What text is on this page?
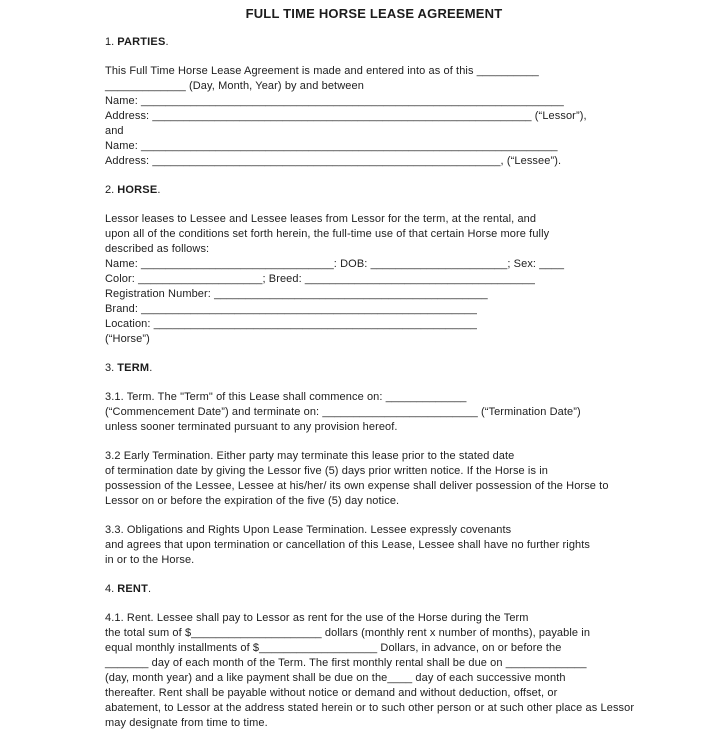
FULL TIME HORSE LEASE AGREEMENT
1. PARTIES.
This Full Time Horse Lease Agreement is made and entered into as of this __________
_____________ (Day, Month, Year) by and between
Name: ____________________________________________________________________
Address: _____________________________________________________________ (“Lessor”),
and
Name: ___________________________________________________________________
Address: ________________________________________________________, (“Lessee”).
2. HORSE.
Lessor leases to Lessee and Lessee leases from Lessor for the term, at the rental, and
upon all of the conditions set forth herein, the full-time use of that certain Horse more fully
described as follows:
Name: _______________________________: DOB: ______________________; Sex: ____
Color: ____________________; Breed: _____________________________________
Registration Number: ____________________________________________
Brand: ______________________________________________________
Location: ____________________________________________________
(“Horse”)
3. TERM.
3.1. Term. The "Term" of this Lease shall commence on: _____________
(“Commencement Date”) and terminate on: _________________________ (“Termination Date”)
unless sooner terminated pursuant to any provision hereof.
3.2 Early Termination. Either party may terminate this lease prior to the stated date
of termination date by giving the Lessor five (5) days prior written notice. If the Horse is in
possession of the Lessee, Lessee at his/her/ its own expense shall deliver possession of the Horse to
Lessor on or before the expiration of the five (5) day notice.
3.3. Obligations and Rights Upon Lease Termination. Lessee expressly covenants
and agrees that upon termination or cancellation of this Lease, Lessee shall have no further rights
in or to the Horse.
4. RENT.
4.1. Rent. Lessee shall pay to Lessor as rent for the use of the Horse during the Term
the total sum of $_____________________ dollars (monthly rent x number of months), payable in
equal monthly installments of $___________________ Dollars, in advance, on or before the
_______ day of each month of the Term. The first monthly rental shall be due on _____________
(day, month year) and a like payment shall be due on the____ day of each successive month
thereafter. Rent shall be payable without notice or demand and without deduction, offset, or
abatement, to Lessor at the address stated herein or to such other person or at such other place as Lessor
may designate from time to time.
